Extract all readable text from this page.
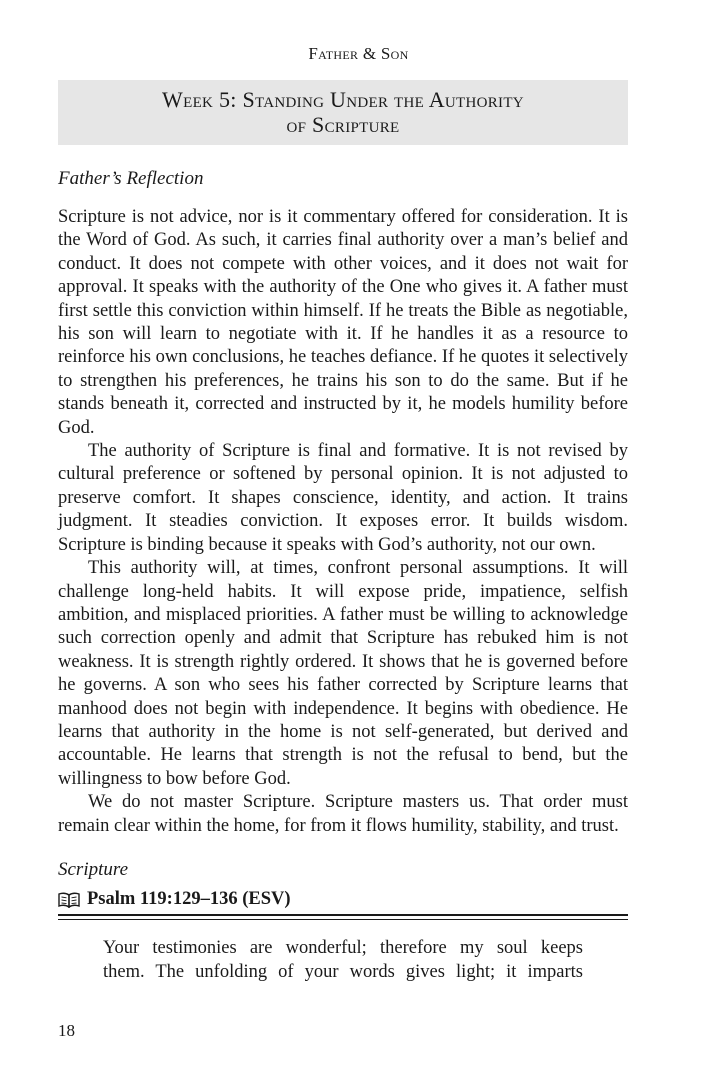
Father & Son
Week 5: Standing Under the Authority
of Scripture
Father’s Reflection

Scripture is not advice, nor is it commentary offered for consideration. It is the Word of God. As such, it carries final authority over a man’s belief and conduct. It does not compete with other voices, and it does not wait for approval. It speaks with the authority of the One who gives it. A father must first settle this conviction within himself. If he treats the Bible as negotiable, his son will learn to negotiate with it. If he handles it as a resource to reinforce his own conclusions, he teaches defiance. If he quotes it selectively to strengthen his preferences, he trains his son to do the same. But if he stands beneath it, corrected and instructed by it, he models humility before God.

The authority of Scripture is final and formative. It is not revised by cultural preference or softened by personal opinion. It is not adjusted to preserve comfort. It shapes conscience, identity, and action. It trains judgment. It steadies conviction. It exposes error. It builds wisdom. Scripture is binding because it speaks with God’s authority, not our own.

This authority will, at times, confront personal assumptions. It will challenge long-held habits. It will expose pride, impatience, selfish ambition, and misplaced priorities. A father must be willing to acknowledge such correction openly and admit that Scripture has rebuked him is not weakness. It is strength rightly ordered. It shows that he is governed before he governs. A son who sees his father corrected by Scripture learns that manhood does not begin with independence. It begins with obedience. He learns that authority in the home is not self-generated, but derived and accountable. He learns that strength is not the refusal to bend, but the willingness to bow before God.

We do not master Scripture. Scripture masters us. That order must remain clear within the home, for from it flows humility, stability, and trust.

Scripture
Psalm 119:129–136 (ESV)

Your testimonies are wonderful; therefore my soul keeps

them. The unfolding of your words gives light; it imparts

18
